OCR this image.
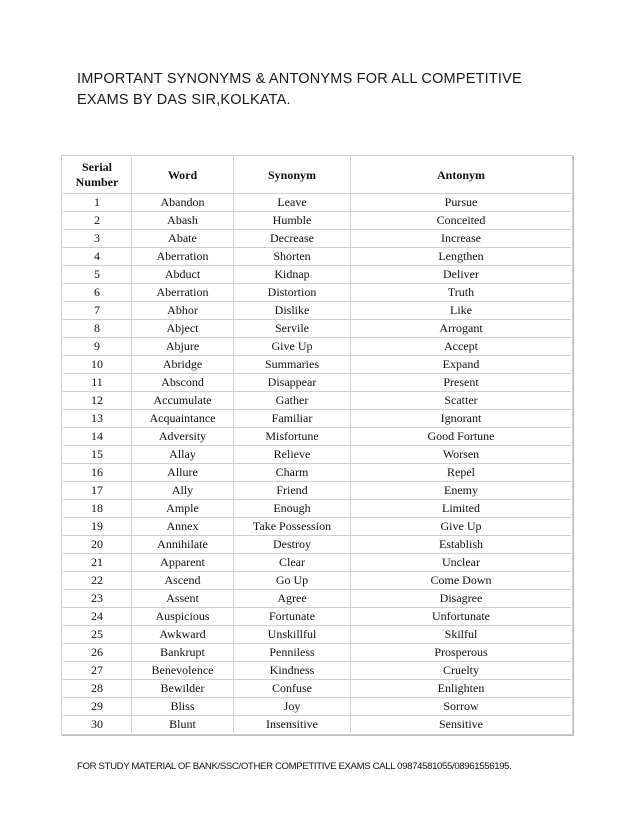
IMPORTANT SYNONYMS & ANTONYMS FOR ALL COMPETITIVE
EXAMS BY DAS SIR,KOLKATA.
Serial
Number	Word	Synonym	Antonym
1	Abandon	Leave	Pursue
2	Abash	Humble	Conceited
3	Abate	Decrease	Increase
4	Aberration	Shorten	Lengthen
5	Abduct	Kidnap	Deliver
6	Aberration	Distortion	Truth
7	Abhor	Dislike	Like
8	Abject	Servile	Arrogant
9	Abjure	Give Up	Accept
10	Abridge	Summaries	Expand
11	Abscond	Disappear	Present
12	Accumulate	Gather	Scatter
13	Acquaintance	Familiar	Ignorant
14	Adversity	Misfortune	Good Fortune
15	Allay	Relieve	Worsen
16	Allure	Charm	Repel
17	Ally	Friend	Enemy
18	Ample	Enough	Limited
19	Annex	Take Possession	Give Up
20	Annihilate	Destroy	Establish
21	Apparent	Clear	Unclear
22	Ascend	Go Up	Come Down
23	Assent	Agree	Disagree
24	Auspicious	Fortunate	Unfortunate
25	Awkward	Unskillful	Skilful
26	Bankrupt	Penniless	Prosperous
27	Benevolence	Kindness	Cruelty
28	Bewilder	Confuse	Enlighten
29	Bliss	Joy	Sorrow
30	Blunt	Insensitive	Sensitive
FOR STUDY MATERIAL OF BANK/SSC/OTHER COMPETITIVE EXAMS CALL 09874581055/08961556195.
